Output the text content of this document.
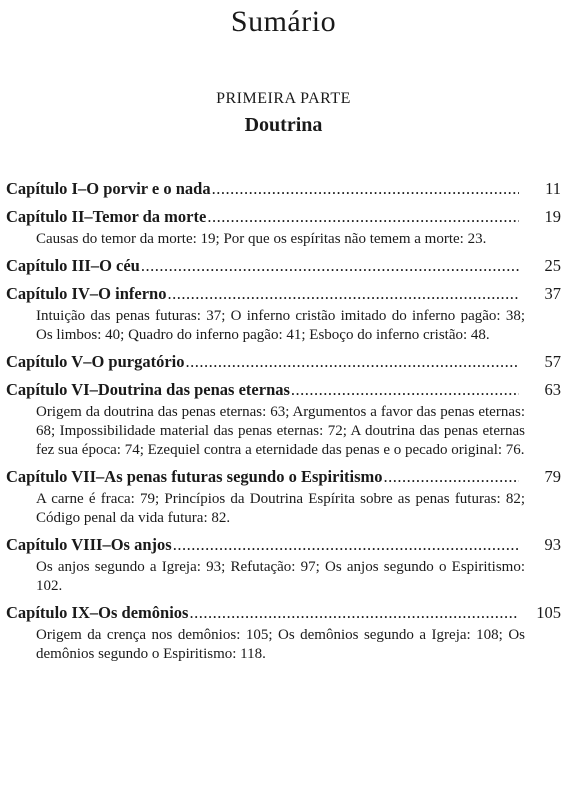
Sumário
PRIMEIRA PARTE
Doutrina
Capítulo I – O porvir e o nada .....	11
Capítulo II – Temor da morte .....	19
Causas do temor da morte: 19; Por que os espíritas não temem a morte: 23.
Capítulo III – O céu .....	25
Capítulo IV – O inferno .....	37
Intuição das penas futuras: 37; O inferno cristão imitado do inferno pagão: 38; Os limbos: 40; Quadro do inferno pagão: 41; Esboço do inferno cristão: 48.
Capítulo V – O purgatório .....	57
Capítulo VI – Doutrina das penas eternas .....	63
Origem da doutrina das penas eternas: 63; Argumentos a favor das penas eternas: 68; Impossibilidade material das penas eternas: 72; A doutrina das penas eternas fez sua época: 74; Ezequiel contra a eternidade das penas e o pecado original: 76.
Capítulo VII – As penas futuras segundo o Espiritismo .....	79
A carne é fraca: 79; Princípios da Doutrina Espírita sobre as penas futuras: 82; Código penal da vida futura: 82.
Capítulo VIII – Os anjos .....	93
Os anjos segundo a Igreja: 93; Refutação: 97; Os anjos segundo o Espiritismo: 102.
Capítulo IX – Os demônios .....	105
Origem da crença nos demônios: 105; Os demônios segundo a Igreja: 108; Os demônios segundo o Espiritismo: 118.
